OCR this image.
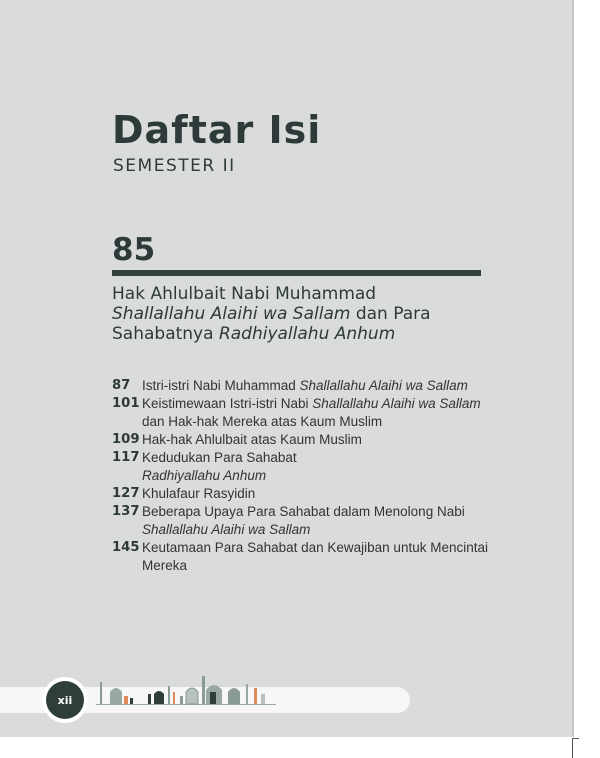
Daftar Isi
SEMESTER II
85
Hak Ahlulbait Nabi Muhammad
Shallallahu Alaihi wa Sallam dan Para
Sahabatnya Radhiyallahu Anhum
87 Istri-istri Nabi Muhammad Shallallahu Alaihi wa Sallam
101 Keistimewaan Istri-istri Nabi Shallallahu Alaihi wa Sallam dan Hak-hak Mereka atas Kaum Muslim
109 Hak-hak Ahlulbait atas Kaum Muslim
117 Kedudukan Para Sahabat
Radhiyallahu Anhum
127 Khulafaur Rasyidin
137 Beberapa Upaya Para Sahabat dalam Menolong Nabi Shallallahu Alaihi wa Sallam
145 Keutamaan Para Sahabat dan Kewajiban untuk Mencintai Mereka
xii
